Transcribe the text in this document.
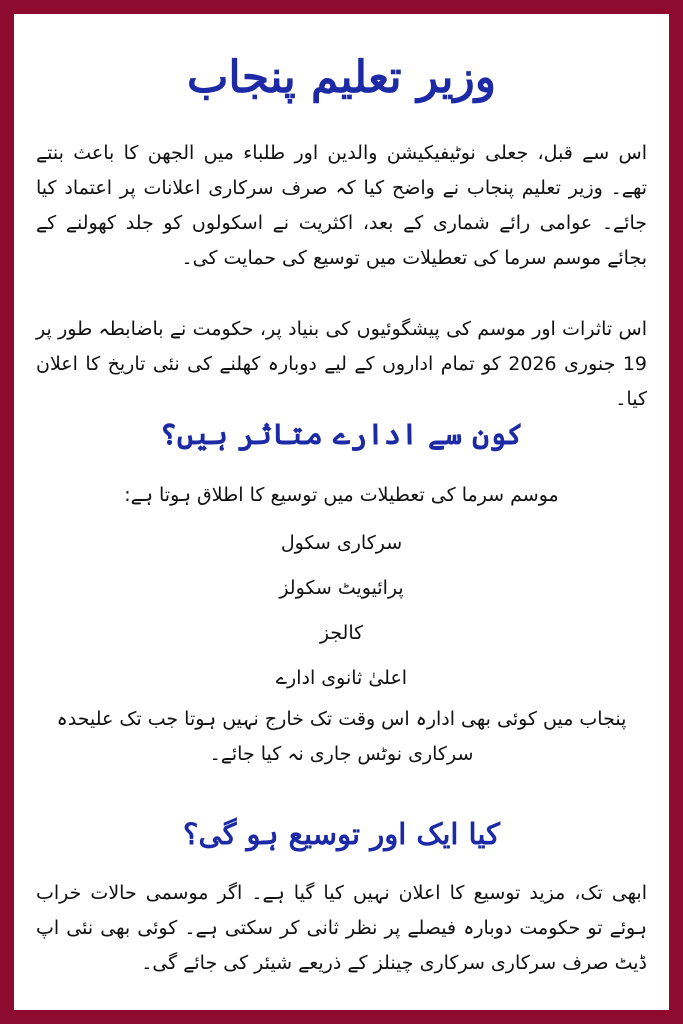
وزیر تعلیم پنجاب
اس سے قبل، جعلی نوٹیفیکیشن والدین اور طلباء میں الجھن کا باعث بنتے تھے۔ وزیر تعلیم پنجاب نے واضح کیا کہ صرف سرکاری اعلانات پر اعتماد کیا جائے۔ عوامی رائے شماری کے بعد، اکثریت نے اسکولوں کو جلد کھولنے کے بجائے موسم سرما کی تعطیلات میں توسیع کی حمایت کی۔
اس تاثرات اور موسم کی پیشگوئیوں کی بنیاد پر، حکومت نے باضابطہ طور پر 19 جنوری 2026 کو تمام اداروں کے لیے دوبارہ کھلنے کی نئی تاریخ کا اعلان کیا۔
کون سے ادارے متاثر ہیں؟
موسم سرما کی تعطیلات میں توسیع کا اطلاق ہوتا ہے:
سرکاری سکول
پرائیویٹ سکولز
کالجز
اعلیٰ ثانوی ادارے
پنجاب میں کوئی بھی ادارہ اس وقت تک خارج نہیں ہوتا جب تک علیحدہ سرکاری نوٹس جاری نہ کیا جائے۔
کیا ایک اور توسیع ہو گی؟
ابھی تک، مزید توسیع کا اعلان نہیں کیا گیا ہے۔ اگر موسمی حالات خراب ہوئے تو حکومت دوبارہ فیصلے پر نظر ثانی کر سکتی ہے۔ کوئی بھی نئی اپ ڈیٹ صرف سرکاری سرکاری چینلز کے ذریعے شیئر کی جائے گی۔
